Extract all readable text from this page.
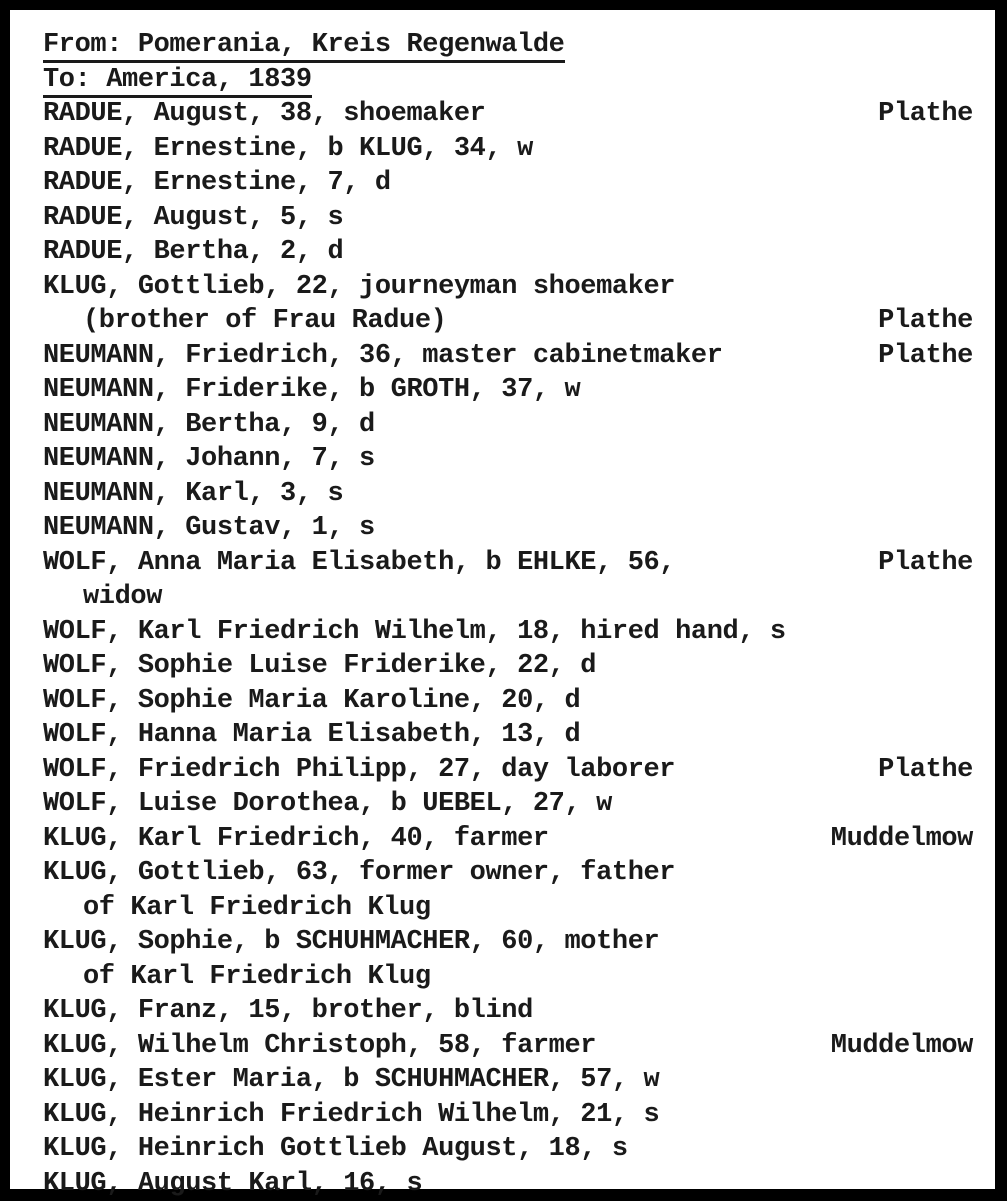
From: Pomerania, Kreis Regenwalde
To: America, 1839
RADUE, August, 38, shoemaker	Plathe
RADUE, Ernestine, b KLUG, 34, w
RADUE, Ernestine, 7, d
RADUE, August, 5, s
RADUE, Bertha, 2, d
KLUG, Gottlieb, 22, journeyman shoemaker
(brother of Frau Radue)	Plathe
NEUMANN, Friedrich, 36, master cabinetmaker	Plathe
NEUMANN, Friderike, b GROTH, 37, w
NEUMANN, Bertha, 9, d
NEUMANN, Johann, 7, s
NEUMANN, Karl, 3, s
NEUMANN, Gustav, 1, s
WOLF, Anna Maria Elisabeth, b EHLKE, 56,	Plathe
widow
WOLF, Karl Friedrich Wilhelm, 18, hired hand, s
WOLF, Sophie Luise Friderike, 22, d
WOLF, Sophie Maria Karoline, 20, d
WOLF, Hanna Maria Elisabeth, 13, d
WOLF, Friedrich Philipp, 27, day laborer	Plathe
WOLF, Luise Dorothea, b UEBEL, 27, w
KLUG, Karl Friedrich, 40, farmer	Muddelmow
KLUG, Gottlieb, 63, former owner, father
of Karl Friedrich Klug
KLUG, Sophie, b SCHUHMACHER, 60, mother
of Karl Friedrich Klug
KLUG, Franz, 15, brother, blind
KLUG, Wilhelm Christoph, 58, farmer	Muddelmow
KLUG, Ester Maria, b SCHUHMACHER, 57, w
KLUG, Heinrich Friedrich Wilhelm, 21, s
KLUG, Heinrich Gottlieb August, 18, s
KLUG, August Karl, 16, s
